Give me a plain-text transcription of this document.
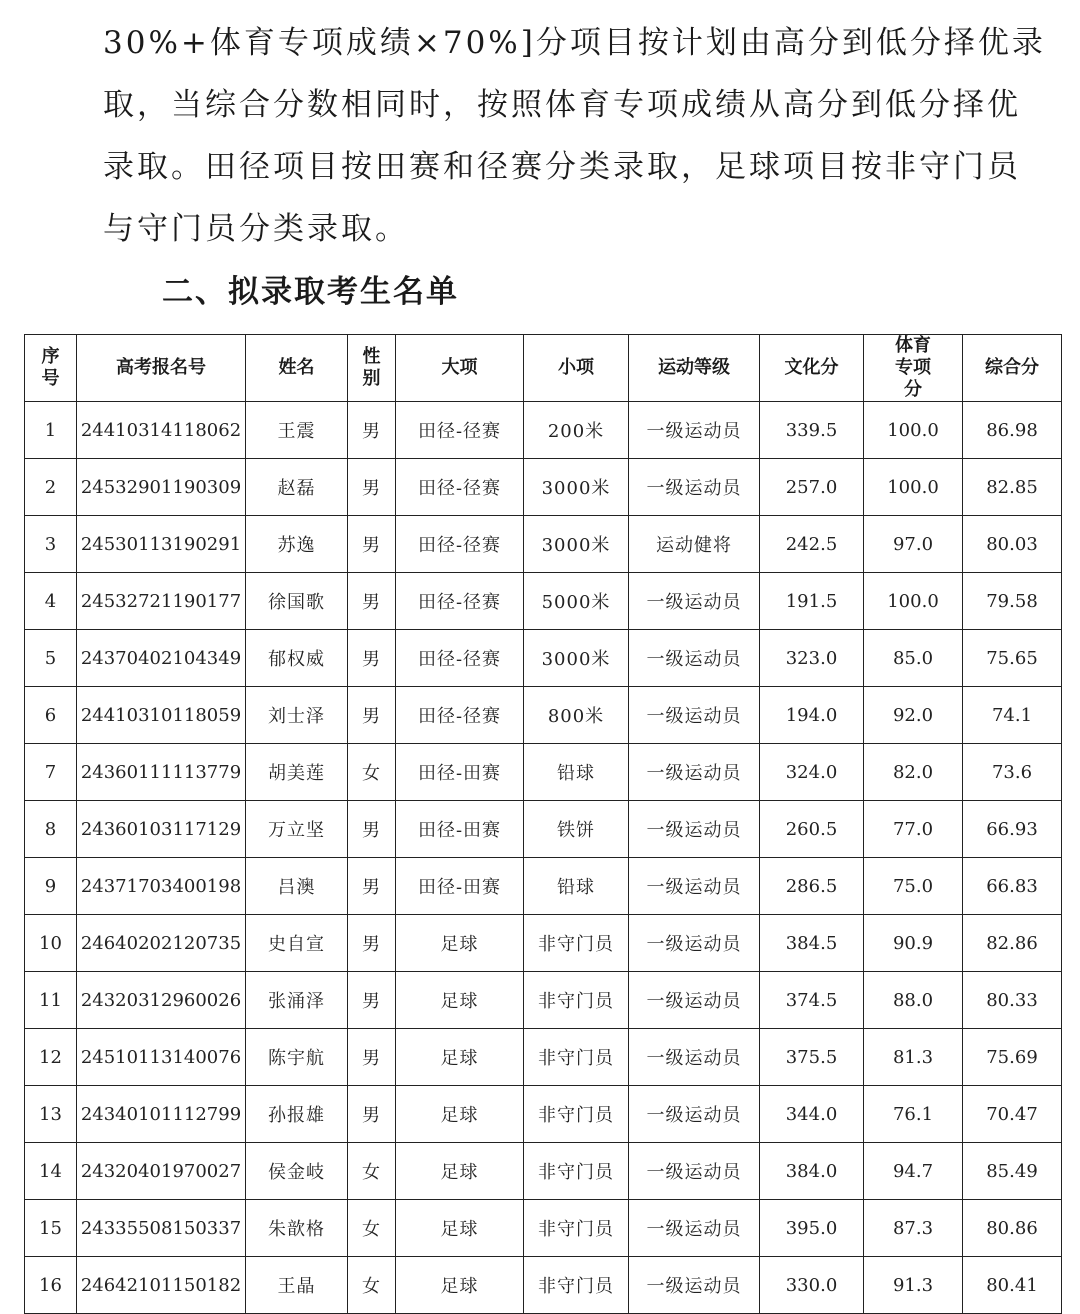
30%+体育专项成绩×70%]分项目按计划由高分到低分择优录
取，当综合分数相同时，按照体育专项成绩从高分到低分择优
录取。田径项目按田赛和径赛分类录取，足球项目按非守门员
与守门员分类录取。
二、拟录取考生名单
序号	高考报名号	姓名	性别	大项	小项	运动等级	文化分	体育专项分	综合分
1	24410314118062	王震	男	田径-径赛	200米	一级运动员	339.5	100.0	86.98
2	24532901190309	赵磊	男	田径-径赛	3000米	一级运动员	257.0	100.0	82.85
3	24530113190291	苏逸	男	田径-径赛	3000米	运动健将	242.5	97.0	80.03
4	24532721190177	徐国歌	男	田径-径赛	5000米	一级运动员	191.5	100.0	79.58
5	24370402104349	郁权威	男	田径-径赛	3000米	一级运动员	323.0	85.0	75.65
6	24410310118059	刘士泽	男	田径-径赛	800米	一级运动员	194.0	92.0	74.1
7	24360111113779	胡美莲	女	田径-田赛	铅球	一级运动员	324.0	82.0	73.6
8	24360103117129	万立坚	男	田径-田赛	铁饼	一级运动员	260.5	77.0	66.93
9	24371703400198	吕澳	男	田径-田赛	铅球	一级运动员	286.5	75.0	66.83
10	24640202120735	史自宣	男	足球	非守门员	一级运动员	384.5	90.9	82.86
11	24320312960026	张涌泽	男	足球	非守门员	一级运动员	374.5	88.0	80.33
12	24510113140076	陈宇航	男	足球	非守门员	一级运动员	375.5	81.3	75.69
13	24340101112799	孙报雄	男	足球	非守门员	一级运动员	344.0	76.1	70.47
14	24320401970027	侯金岐	女	足球	非守门员	一级运动员	384.0	94.7	85.49
15	24335508150337	朱歆格	女	足球	非守门员	一级运动员	395.0	87.3	80.86
16	24642101150182	王晶	女	足球	非守门员	一级运动员	330.0	91.3	80.41
